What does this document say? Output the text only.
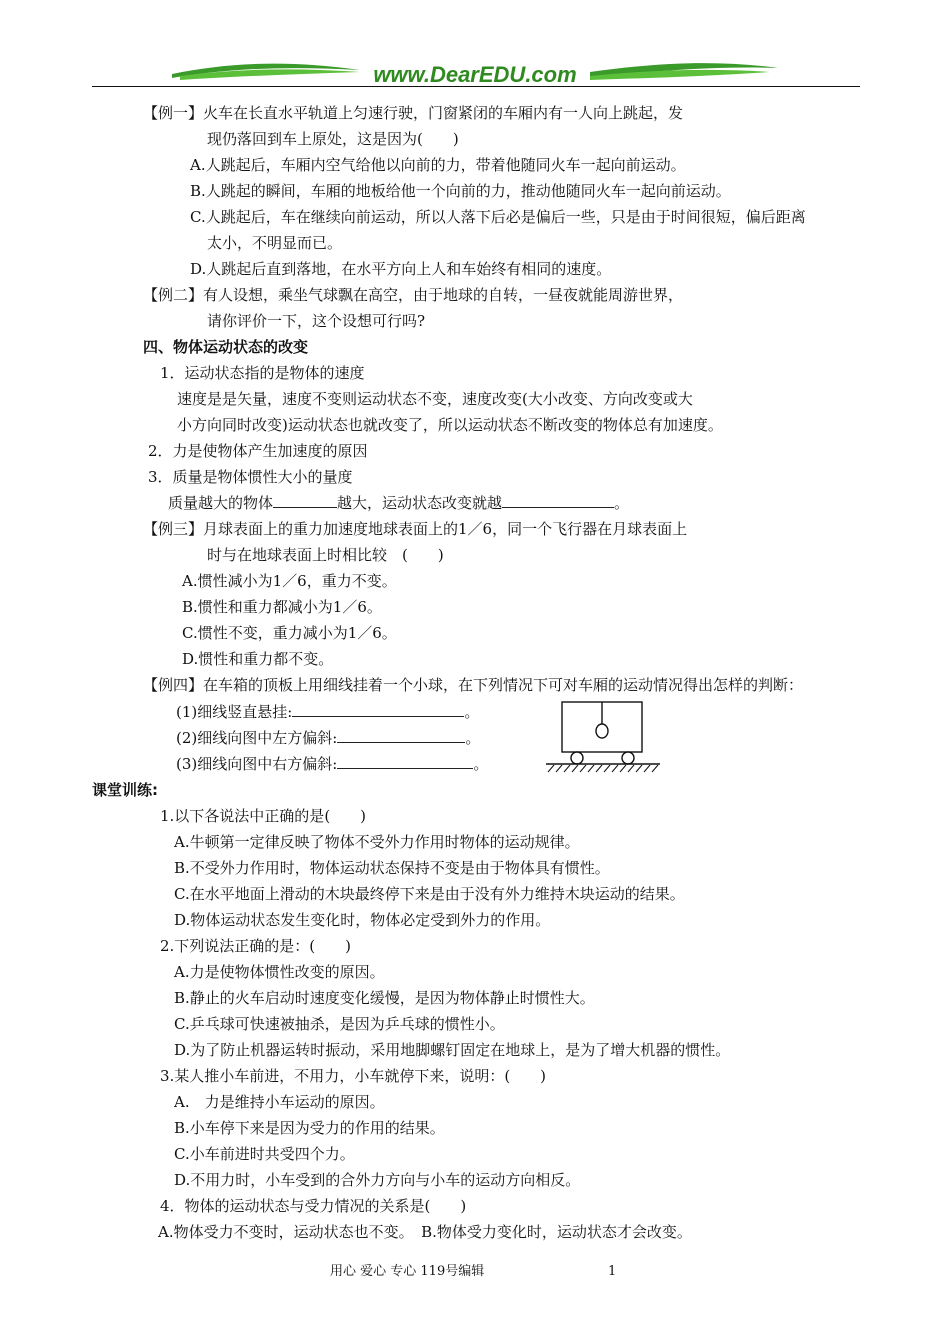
www.DearEDU.com
【例一】火车在长直水平轨道上匀速行驶，门窗紧闭的车厢内有一人向上跳起，发
现仍落回到车上原处，这是因为(　　)
A.人跳起后，车厢内空气给他以向前的力，带着他随同火车一起向前运动。
B.人跳起的瞬间，车厢的地板给他一个向前的力，推动他随同火车一起向前运动。
C.人跳起后，车在继续向前运动，所以人落下后必是偏后一些，只是由于时间很短，偏后距离
太小，不明显而已。
D.人跳起后直到落地，在水平方向上人和车始终有相同的速度。
【例二】有人设想，乘坐气球飘在高空，由于地球的自转，一昼夜就能周游世界，
请你评价一下，这个设想可行吗?
四、物体运动状态的改变
1．运动状态指的是物体的速度
速度是是矢量，速度不变则运动状态不变，速度改变(大小改变、方向改变或大
小方向同时改变)运动状态也就改变了，所以运动状态不断改变的物体总有加速度。
2．力是使物体产生加速度的原因
3．质量是物体惯性大小的量度
质量越大的物体	越大，运动状态改变就越	。
【例三】月球表面上的重力加速度地球表面上的1／6，同一个飞行器在月球表面上
时与在地球表面上时相比较　(　　)
A.惯性减小为1／6，重力不变。
B.惯性和重力都减小为1／6。
C.惯性不变，重力减小为1／6。
D.惯性和重力都不变。
【例四】在车箱的顶板上用细线挂着一个小球，在下列情况下可对车厢的运动情况得出怎样的判断：
(1)细线竖直悬挂:	。
(2)细线向图中左方偏斜:	。
(3)细线向图中右方偏斜:	。
课堂训练:
1.以下各说法中正确的是(　　)
A.牛顿第一定律反映了物体不受外力作用时物体的运动规律。
B.不受外力作用时，物体运动状态保持不变是由于物体具有惯性。
C.在水平地面上滑动的木块最终停下来是由于没有外力维持木块运动的结果。
D.物体运动状态发生变化时，物体必定受到外力的作用。
2.下列说法正确的是：(　　)
A.力是使物体惯性改变的原因。
B.静止的火车启动时速度变化缓慢，是因为物体静止时惯性大。
C.乒乓球可快速被抽杀，是因为乒乓球的惯性小。
D.为了防止机器运转时振动，采用地脚螺钉固定在地球上，是为了增大机器的惯性。
3.某人推小车前进，不用力，小车就停下来，说明：(　　)
A.　力是维持小车运动的原因。
B.小车停下来是因为受力的作用的结果。
C.小车前进时共受四个力。
D.不用力时，小车受到的合外力方向与小车的运动方向相反。
4．物体的运动状态与受力情况的关系是(　　)
A.物体受力不变时，运动状态也不变。　B.物体受力变化时，运动状态才会改变。
用心 爱心 专心 119号编辑	1
